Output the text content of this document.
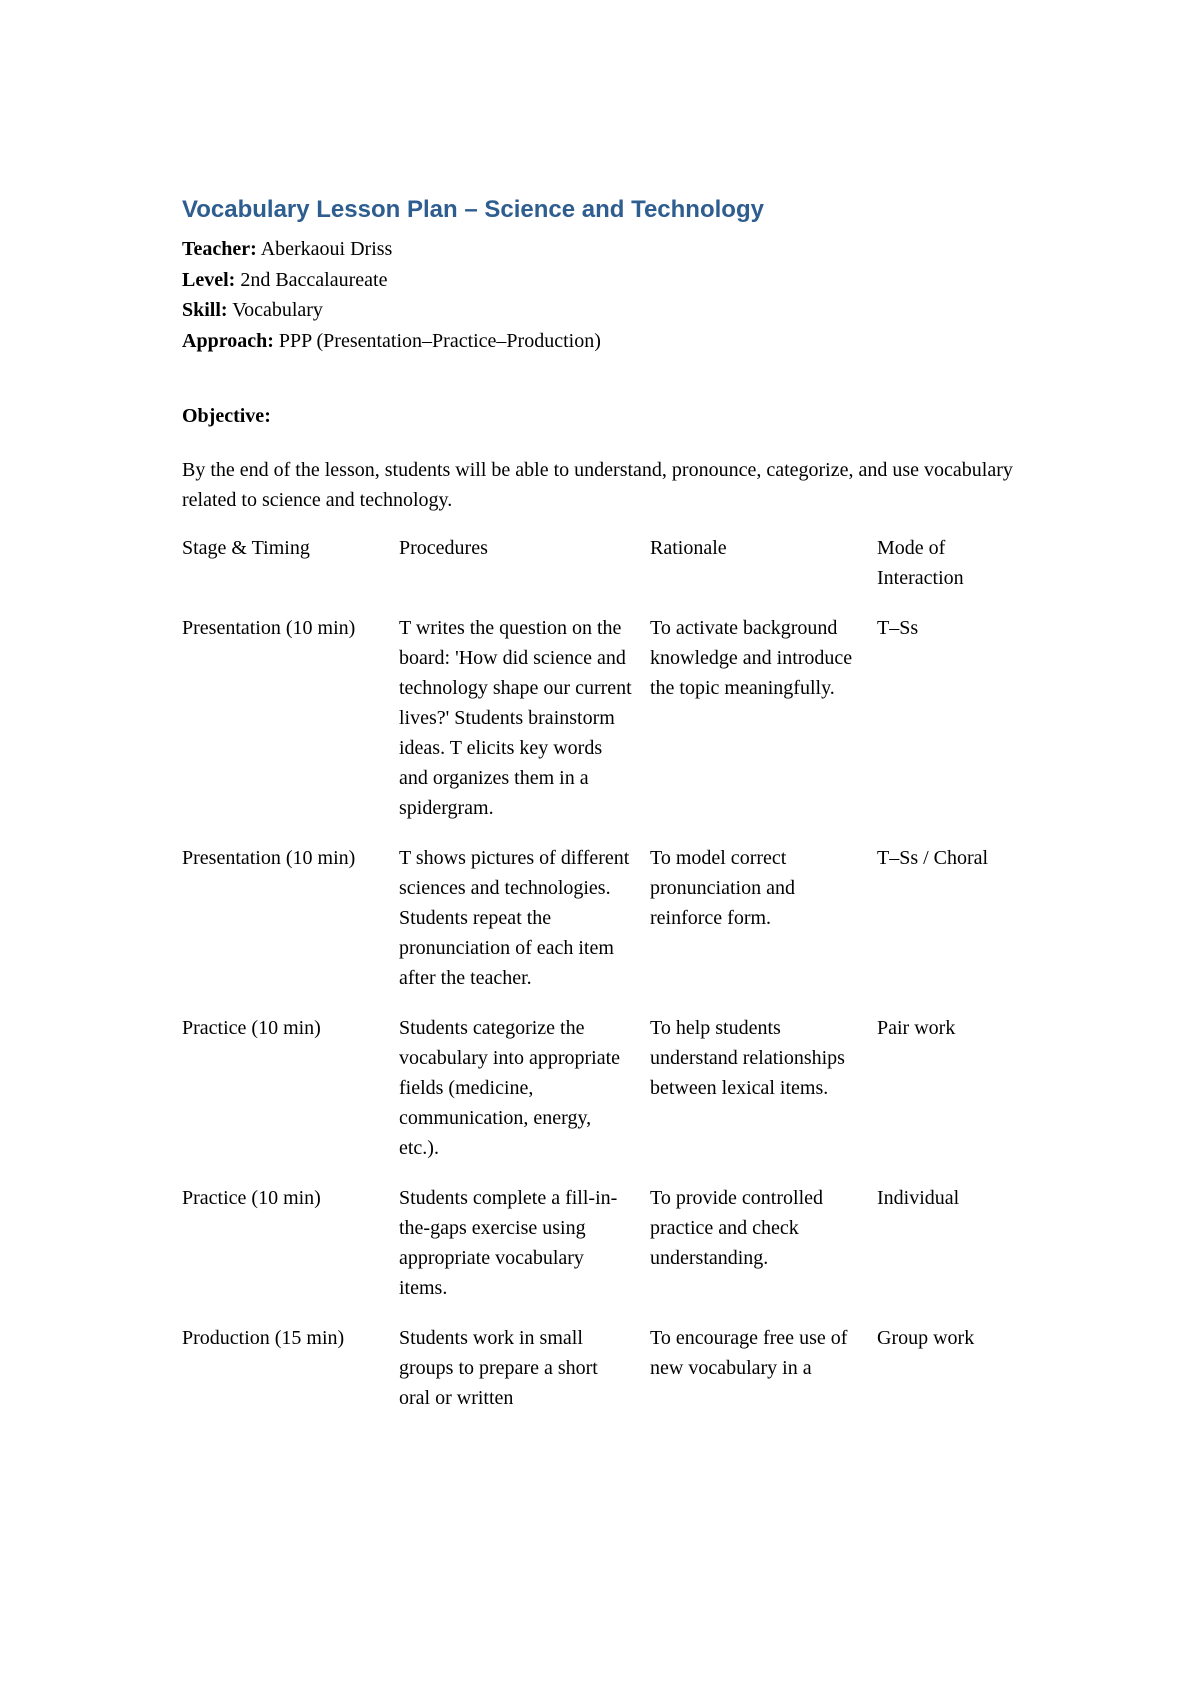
Vocabulary Lesson Plan – Science and Technology
Teacher: Aberkaoui Driss
Level: 2nd Baccalaureate
Skill: Vocabulary
Approach: PPP (Presentation–Practice–Production)
Objective:
By the end of the lesson, students will be able to understand, pronounce, categorize, and use vocabulary related to science and technology.
Stage & Timing	Procedures	Rationale	Mode of Interaction
Presentation (10 min)	T writes the question on the board: 'How did science and technology shape our current lives?' Students brainstorm ideas. T elicits key words and organizes them in a spidergram.	To activate background knowledge and introduce the topic meaningfully.	T–Ss
Presentation (10 min)	T shows pictures of different sciences and technologies. Students repeat the pronunciation of each item after the teacher.	To model correct pronunciation and reinforce form.	T–Ss / Choral
Practice (10 min)	Students categorize the vocabulary into appropriate fields (medicine, communication, energy, etc.).	To help students understand relationships between lexical items.	Pair work
Practice (10 min)	Students complete a fill-in-the-gaps exercise using appropriate vocabulary items.	To provide controlled practice and check understanding.	Individual
Production (15 min)	Students work in small groups to prepare a short oral or written	To encourage free use of new vocabulary in a	Group work
